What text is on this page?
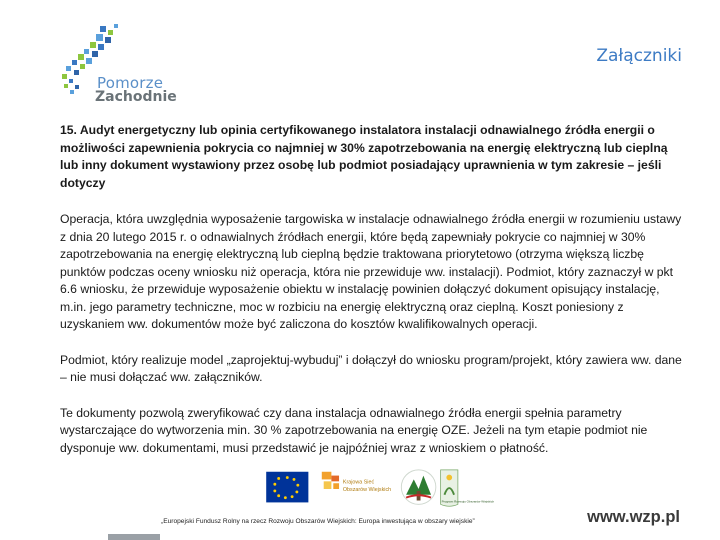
Pomorze
Zachodnie
Załączniki

15. Audyt energetyczny lub opinia certyfikowanego instalatora instalacji odnawialnego źródła energii o możliwości zapewnienia pokrycia co najmniej w 30% zapotrzebowania na energię elektryczną lub cieplną lub inny dokument wystawiony przez osobę lub podmiot posiadający uprawnienia w tym zakresie – jeśli dotyczy

Operacja, która uwzględnia wyposażenie targowiska w instalacje odnawialnego źródła energii w rozumieniu ustawy z dnia 20 lutego 2015 r. o odnawialnych źródłach energii, które będą zapewniały pokrycie co najmniej w 30% zapotrzebowania na energię elektryczną lub cieplną będzie traktowana priorytetowo (otrzyma większą liczbę punktów podczas oceny wniosku niż operacja, która nie przewiduje ww. instalacji). Podmiot, który zaznaczył w pkt 6.6 wniosku, że przewiduje wyposażenie obiektu w instalację powinien dołączyć dokument opisujący instalację, m.in. jego parametry techniczne, moc w rozbiciu na energię elektryczną oraz cieplną. Koszt poniesiony z uzyskaniem ww. dokumentów może być zaliczona do kosztów kwalifikowalnych operacji.

Podmiot, który realizuje model „zaprojektuj-wybuduj” i dołączył do wniosku program/projekt, który zawiera ww. dane – nie musi dołączać ww. załączników.

Te dokumenty pozwolą zweryfikować czy dana instalacja odnawialnego źródła energii spełnia parametry wystarczające do wytworzenia min. 30 % zapotrzebowania na energię OZE. Jeżeli na tym etapie podmiot nie dysponuje ww. dokumentami, musi przedstawić je najpóźniej wraz z wnioskiem o płatność.

Krajowa Sieć
Obszarów Wiejskich
Program Rozwoju Obszarów Wiejskich
„Europejski Fundusz Rolny na rzecz Rozwoju Obszarów Wiejskich: Europa inwestująca w obszary wiejskie”	www.wzp.pl
